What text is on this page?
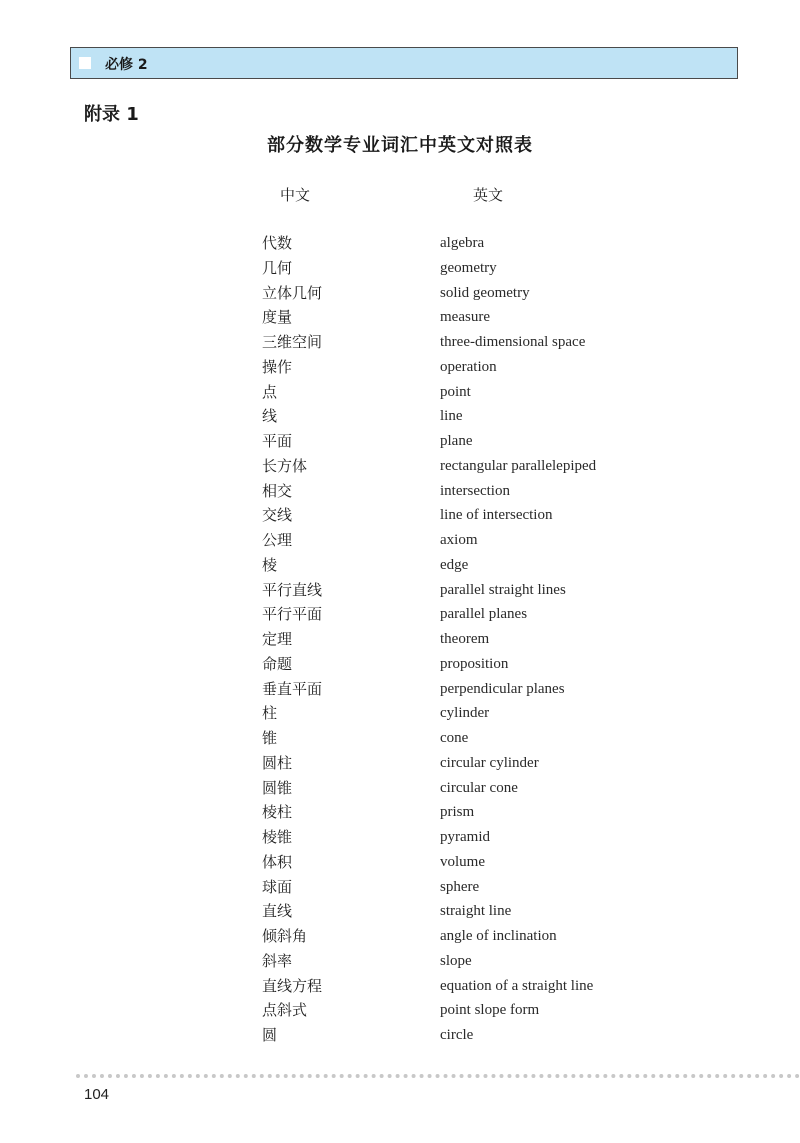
必修 2
附录 1
部分数学专业词汇中英文对照表
中文	英文
代数	algebra
几何	geometry
立体几何	solid geometry
度量	measure
三维空间	three-dimensional space
操作	operation
点	point
线	line
平面	plane
长方体	rectangular parallelepiped
相交	intersection
交线	line of intersection
公理	axiom
棱	edge
平行直线	parallel straight lines
平行平面	parallel planes
定理	theorem
命题	proposition
垂直平面	perpendicular planes
柱	cylinder
锥	cone
圆柱	circular cylinder
圆锥	circular cone
棱柱	prism
棱锥	pyramid
体积	volume
球面	sphere
直线	straight line
倾斜角	angle of inclination
斜率	slope
直线方程	equation of a straight line
点斜式	point slope form
圆	circle
104
